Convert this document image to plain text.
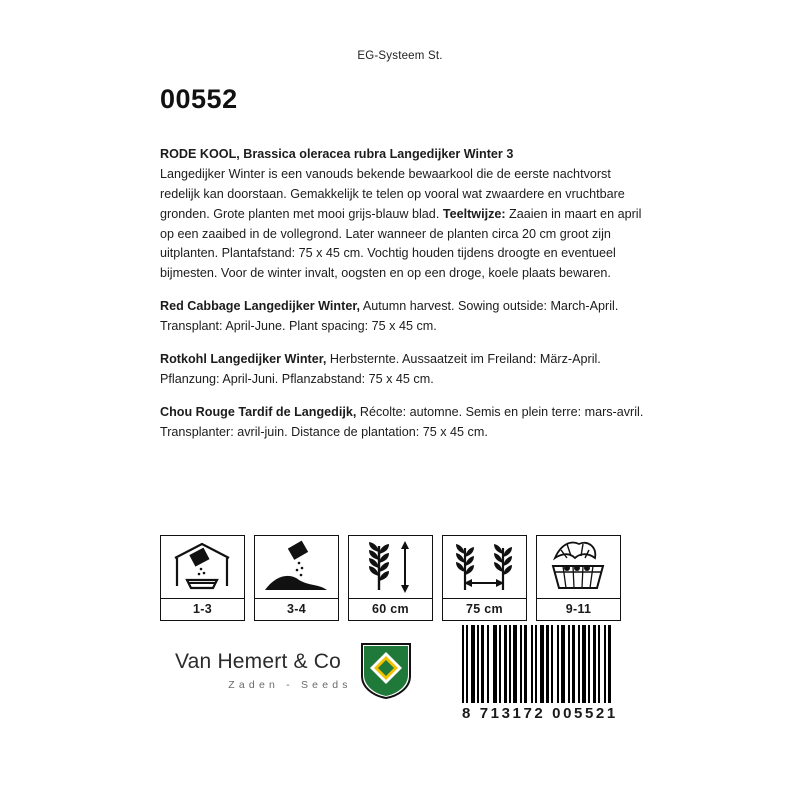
EG-Systeem St.
00552

RODE KOOL, Brassica oleracea rubra Langedijker Winter 3

Langedijker Winter is een vanouds bekende bewaarkool die de eerste nachtvorst redelijk kan doorstaan. Gemakkelijk te telen op vooral wat zwaardere en vruchtbare gronden. Grote planten met mooi grijs-blauw blad. Teeltwijze: Zaaien in maart en april op een zaaibed in de vollegrond. Later wanneer de planten circa 20 cm groot zijn uitplanten. Plantafstand: 75 x 45 cm. Vochtig houden tijdens droogte en eventueel bijmesten. Voor de winter invalt, oogsten en op een droge, koele plaats bewaren.

Red Cabbage Langedijker Winter, Autumn harvest. Sowing outside: March-April. Transplant: April-June. Plant spacing: 75 x 45 cm.

Rotkohl Langedijker Winter, Herbsternte. Aussaatzeit im Freiland: März-April. Pflanzung: April-Juni. Pflanzabstand: 75 x 45 cm.

Chou Rouge Tardif de Langedijk, Récolte: automne. Semis en plein terre: mars-avril. Transplanter: avril-juin. Distance de plantation: 75 x 45 cm.

1-3	3-4	60 cm	75 cm	9-11
Van Hemert & Co
Zaden - Seeds
8 713172 005521
